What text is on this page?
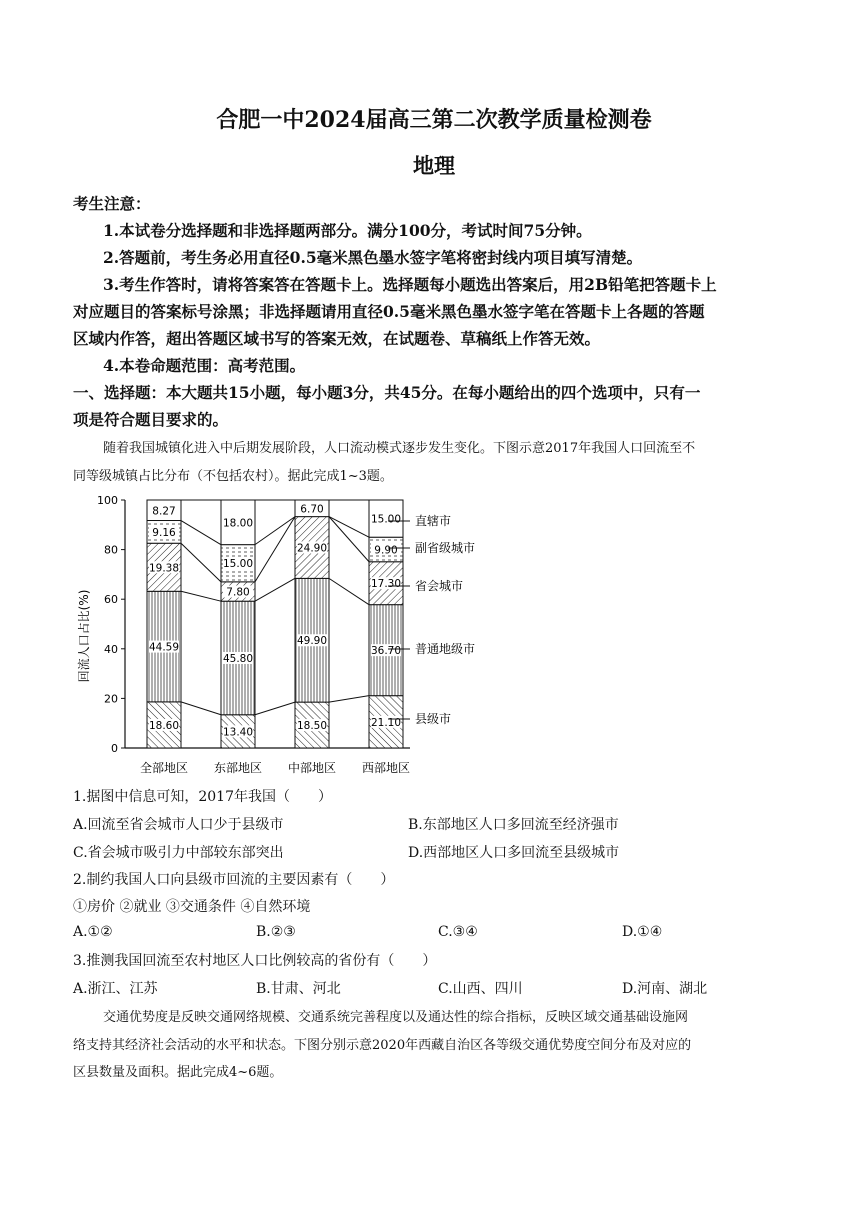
合肥一中2024届高三第二次教学质量检测卷
地理
考生注意：
1.本试卷分选择题和非选择题两部分。满分100分，考试时间75分钟。
2.答题前，考生务必用直径0.5毫米黑色墨水签字笔将密封线内项目填写清楚。
3.考生作答时，请将答案答在答题卡上。选择题每小题选出答案后，用2B铅笔把答题卡上
对应题目的答案标号涂黑；非选择题请用直径0.5毫米黑色墨水签字笔在答题卡上各题的答题
区域内作答，超出答题区域书写的答案无效，在试题卷、草稿纸上作答无效。
4.本卷命题范围：高考范围。
一、选择题：本大题共15小题，每小题3分，共45分。在每小题给出的四个选项中，只有一
项是符合题目要求的。
随着我国城镇化进入中后期发展阶段，人口流动模式逐步发生变化。下图示意2017年我国人口回流至不
同等级城镇占比分布（不包括农村）。据此完成1~3题。
0
20
40
60
80
100
全部地区 东部地区 中部地区 西部地区
18.60
44.59
19.38
9.16
8.27
13.40
45.80
7.80
15.00
18.00
18.50
49.90
24.90
6.70
21.10
36.70
17.30
9.90
15.00 直辖市
副省级城市
省会城市
普通地级市
县级市
回流人口占比(%)
1.据图中信息可知，2017年我国（　　）
A.回流至省会城市人口少于县级市	B.东部地区人口多回流至经济强市
C.省会城市吸引力中部较东部突出	D.西部地区人口多回流至县级城市
2.制约我国人口向县级市回流的主要因素有（　　）
①房价 ②就业 ③交通条件 ④自然环境
A.①②	B.②③	C.③④	D.①④
3.推测我国回流至农村地区人口比例较高的省份有（　　）
A.浙江、江苏	B.甘肃、河北	C.山西、四川	D.河南、湖北
交通优势度是反映交通网络规模、交通系统完善程度以及通达性的综合指标，反映区域交通基础设施网
络支持其经济社会活动的水平和状态。下图分别示意2020年西藏自治区各等级交通优势度空间分布及对应的
区县数量及面积。据此完成4~6题。
